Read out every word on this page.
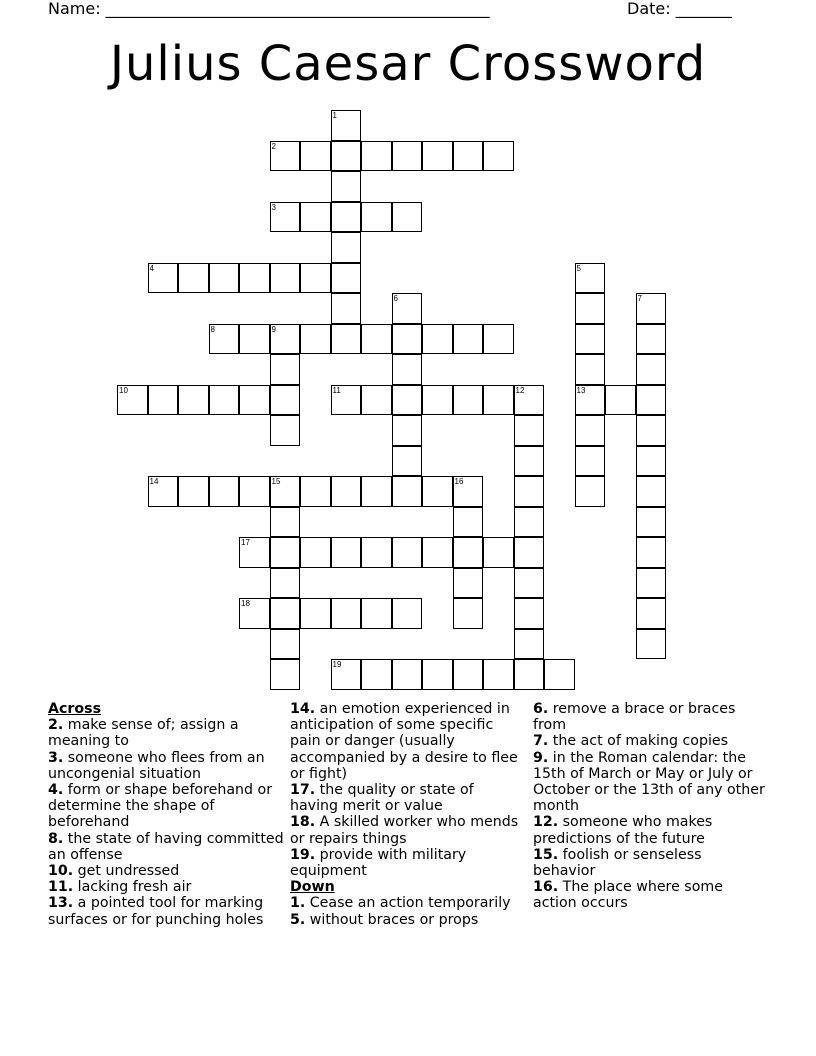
Name: ________________________________________________	Date: _______
Julius Caesar Crossword
1
2
3
4	5
13
6	7
8	9
10	11	12
14	15	16
17
18
19
Across
2. make sense of; assign a meaning to
3. someone who flees from an uncongenial situation
4. form or shape beforehand or determine the shape of beforehand
8. the state of having committed an offense
10. get undressed
11. lacking fresh air
13. a pointed tool for marking surfaces or for punching holes
14. an emotion experienced in anticipation of some specific pain or danger (usually accompanied by a desire to flee or fight)
17. the quality or state of having merit or value
18. A skilled worker who mends or repairs things
19. provide with military equipment
Down
1. Cease an action temporarily
5. without braces or props
6. remove a brace or braces from
7. the act of making copies
9. in the Roman calendar: the 15th of March or May or July or October or the 13th of any other month
12. someone who makes predictions of the future
15. foolish or senseless behavior
16. The place where some action occurs
